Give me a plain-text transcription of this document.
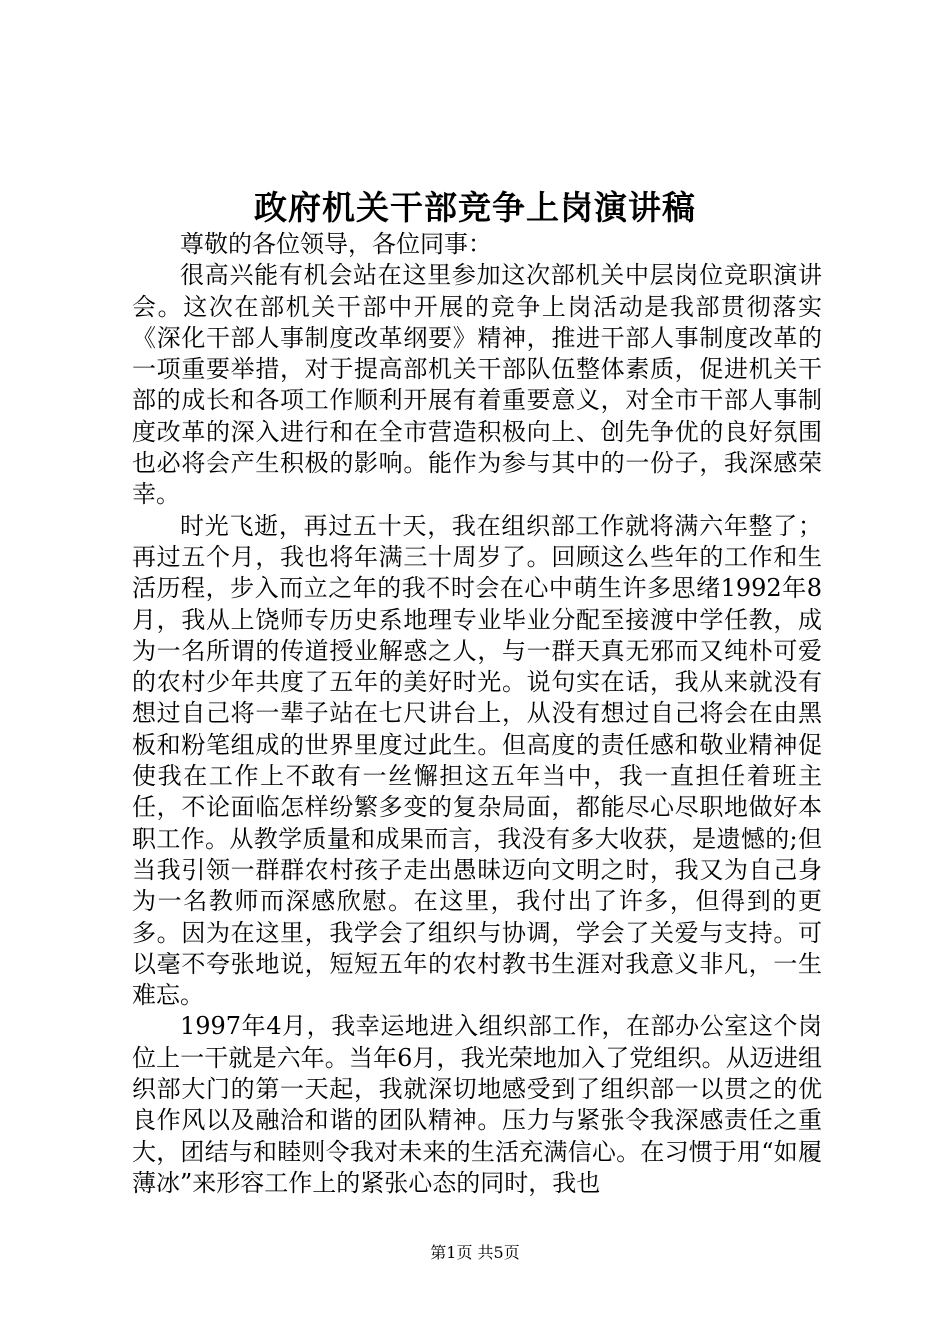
政府机关干部竞争上岗演讲稿

尊敬的各位领导，各位同事：

很高兴能有机会站在这里参加这次部机关中层岗位竞职演讲会。这次在部机关干部中开展的竞争上岗活动是我部贯彻落实《深化干部人事制度改革纲要》精神，推进干部人事制度改革的一项重要举措，对于提高部机关干部队伍整体素质，促进机关干部的成长和各项工作顺利开展有着重要意义，对全市干部人事制度改革的深入进行和在全市营造积极向上、创先争优的良好氛围也必将会产生积极的影响。能作为参与其中的一份子，我深感荣幸。

时光飞逝，再过五十天，我在组织部工作就将满六年整了；再过五个月，我也将年满三十周岁了。回顾这么些年的工作和生活历程，步入而立之年的我不时会在心中萌生许多思绪1992年8月，我从上饶师专历史系地理专业毕业分配至接渡中学任教，成为一名所谓的传道授业解惑之人，与一群天真无邪而又纯朴可爱的农村少年共度了五年的美好时光。说句实在话，我从来就没有想过自己将一辈子站在七尺讲台上，从没有想过自己将会在由黑板和粉笔组成的世界里度过此生。但高度的责任感和敬业精神促使我在工作上不敢有一丝懈担这五年当中，我一直担任着班主任，不论面临怎样纷繁多变的复杂局面，都能尽心尽职地做好本职工作。从教学质量和成果而言，我没有多大收获，是遗憾的;但当我引领一群群农村孩子走出愚昧迈向文明之时，我又为自己身为一名教师而深感欣慰。在这里，我付出了许多，但得到的更多。因为在这里，我学会了组织与协调，学会了关爱与支持。可以毫不夸张地说，短短五年的农村教书生涯对我意义非凡，一生难忘。

1997年4月，我幸运地进入组织部工作，在部办公室这个岗位上一干就是六年。当年6月，我光荣地加入了党组织。从迈进组织部大门的第一天起，我就深切地感受到了组织部一以贯之的优良作风以及融洽和谐的团队精神。压力与紧张令我深感责任之重大，团结与和睦则令我对未来的生活充满信心。在习惯于用“如履薄冰”来形容工作上的紧张心态的同时，我也

第1页 共5页
